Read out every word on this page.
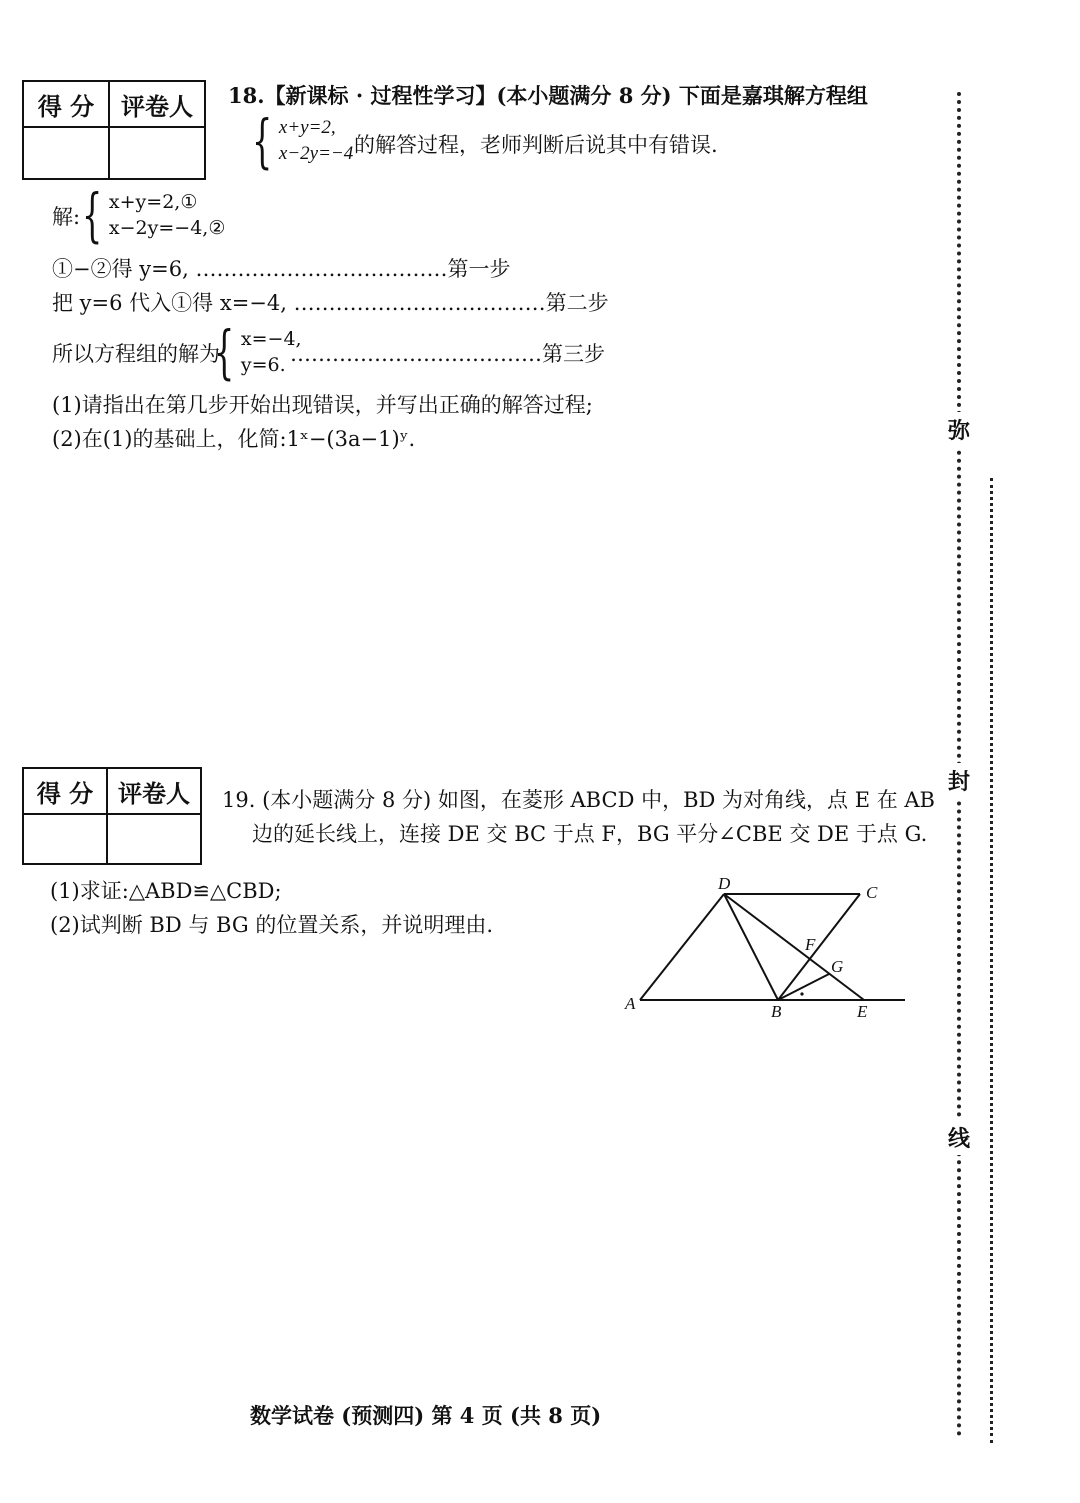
得 分	评卷人
	18.【新课标 · 过程性学习】(本小题满分 8 分) 下面是嘉琪解方程组
{ x+y=2,
x−2y=−4 的解答过程，老师判断后说其中有错误.
解: { x+y=2,①
x−2y=−4,②
①−②得 y=6, ………………………………第一步
把 y=6 代入①得 x=−4, ………………………………第二步
所以方程组的解为
{ x=−4,
y=6. ………………………………第三步
(1)请指出在第几步开始出现错误，并写出正确的解答过程;
(2)在(1)的基础上，化简:1ˣ−(3a−1)ʸ.
得 分	评卷人
	19. (本小题满分 8 分) 如图，在菱形 ABCD 中，BD 为对角线，点 E 在 AB
边的延长线上，连接 DE 交 BC 于点 F，BG 平分∠CBE 交 DE 于点 G.
(1)求证:△ABD≌△CBD;
(2)试判断 BD 与 BG 的位置关系，并说明理由.
A	B
C
D
E
F
G
弥
封
线
数学试卷 (预测四) 第 4 页 (共 8 页)
